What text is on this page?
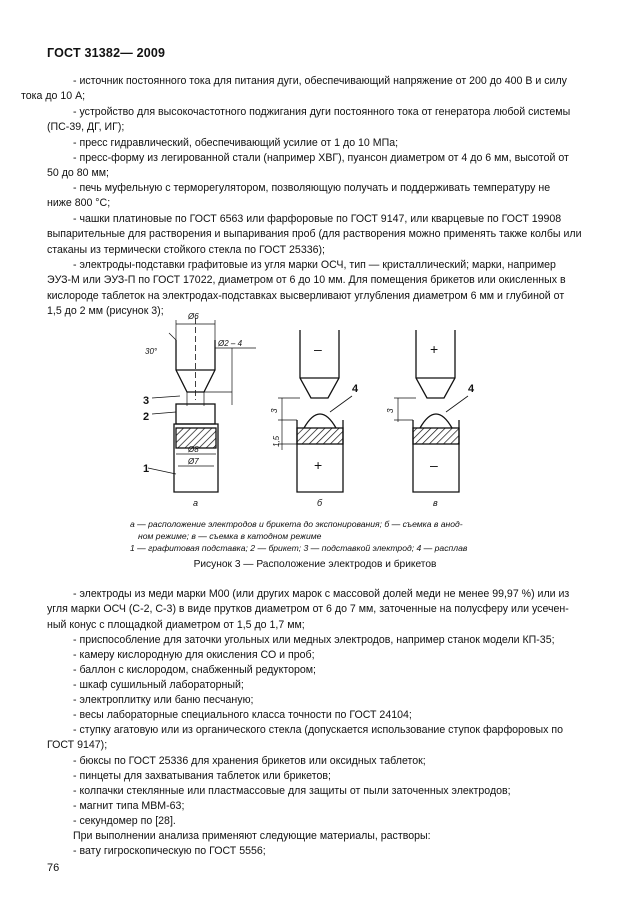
ГОСТ 31382— 2009
- источник постоянного тока для питания дуги, обеспечивающий напряжение от 200 до 400 В и силу
тока до 10 А;
- устройство для высокочастотного поджигания дуги постоянного тока от генератора любой системы
(ПС-39, ДГ, ИГ);
- пресс гидравлический, обеспечивающий усилие от 1 до 10 МПа;
- пресс-форму из легированной стали (например ХВГ), пуансон диаметром от 4 до 6 мм, высотой от
50 до 80 мм;
- печь муфельную с терморегулятором, позволяющую получать и поддерживать температуру не
ниже 800 °С;
- чашки платиновые по ГОСТ 6563 или фарфоровые по ГОСТ 9147, или кварцевые по ГОСТ 19908
выпарительные для растворения и выпаривания проб (для растворения можно применять также колбы или
стаканы из термически стойкого стекла по ГОСТ 25336);
- электроды-подставки графитовые из угля марки ОСЧ, тип — кристаллический; марки, например
ЭУЗ-М или ЭУЗ-П по ГОСТ 17022, диаметром от 6 до 10 мм. Для помещения брикетов или окисленных в
кислороде таблеток на электродах-подставках высверливают углубления диаметром 6 мм и глубиной от
1,5 до 2 мм (рисунок 3);
30°
Ø6
Ø2 – 4
Ø8
Ø7
1
2
3
4	4
3
1,5
3
–
+
+
–
а	б	в
а — расположение электродов и брикета до экспонирования; б — съемка в анод-
ном режиме; в — съемка в катодном режиме
1 — графитовая подставка; 2 — брикет; 3 — подставкой электрод; 4 — расплав
Рисунок 3 — Расположение электродов и брикетов
- электроды из меди марки М00 (или других марок с массовой долей меди не менее 99,97 %) или из
угля марки ОСЧ (С-2, С-3) в виде прутков диаметром от 6 до 7 мм, заточенные на полусферу или усечен-
ный конус с площадкой диаметром от 1,5 до 1,7 мм;
- приспособление для заточки угольных или медных электродов, например станок модели КП-35;
- камеру кислородную для окисления СО и проб;
- баллон с кислородом, снабженный редуктором;
- шкаф сушильный лабораторный;
- электроплитку или баню песчаную;
- весы лабораторные специального класса точности по ГОСТ 24104;
- ступку агатовую или из органического стекла (допускается использование ступок фарфоровых по
ГОСТ 9147);
- бюксы по ГОСТ 25336 для хранения брикетов или оксидных таблеток;
- пинцеты для захватывания таблеток или брикетов;
- колпачки стеклянные или пластмассовые для защиты от пыли заточенных электродов;
- магнит типа МВМ-63;
- секундомер по [28].
При выполнении анализа применяют следующие материалы, растворы:
- вату гигроскопическую по ГОСТ 5556;
76
